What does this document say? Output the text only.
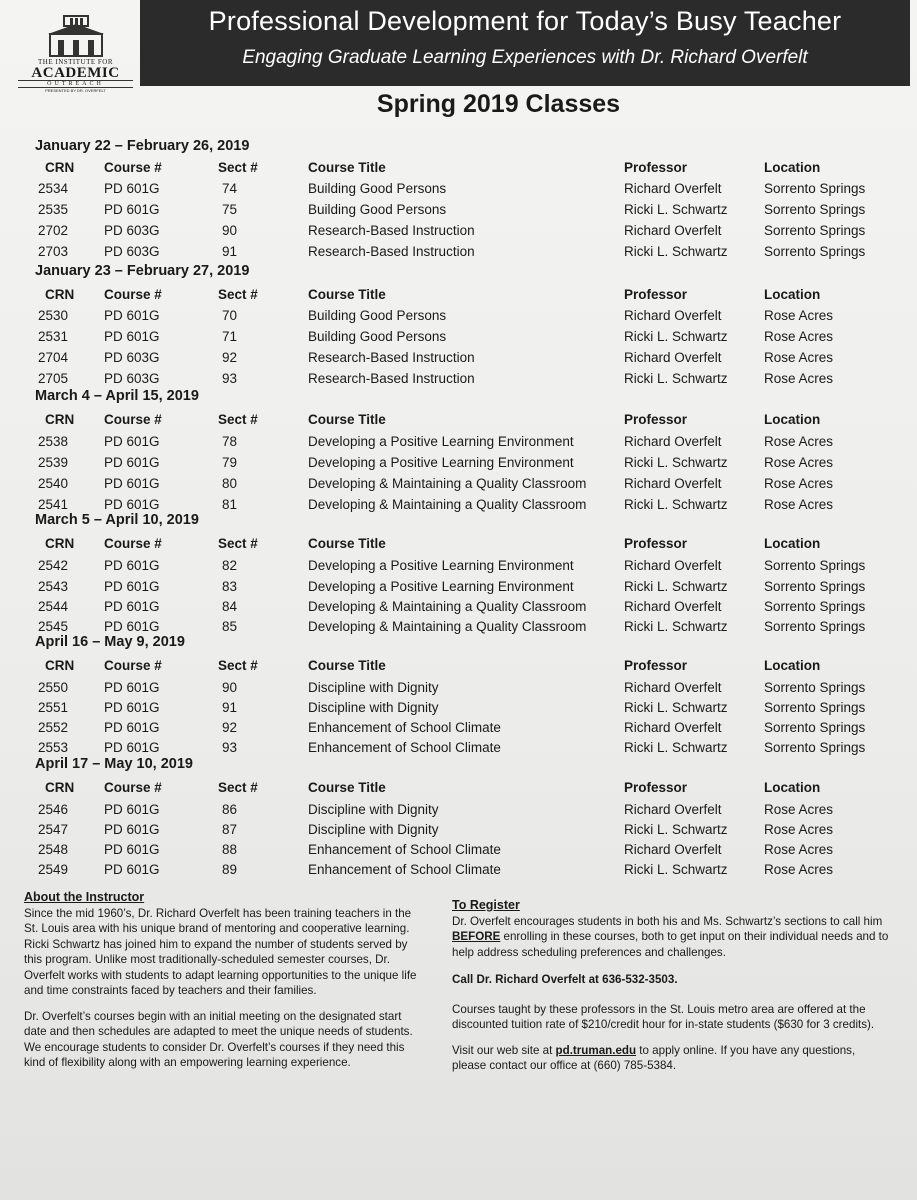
THE INSTITUTE FOR
ACADEMIC
OUTREACH
PRESENTED BY DR. OVERFELT
Professional Development for Today’s Busy Teacher
Engaging Graduate Learning Experiences with Dr. Richard Overfelt
Spring 2019 Classes
January 22 – February 26, 2019
CRN Course #	Sect #	Course Title	Professor	Location
2534	PD 601G	74	Building Good Persons	Richard Overfelt	Sorrento Springs
2535	PD 601G	75	Building Good Persons	Ricki L. Schwartz	Sorrento Springs
2702	PD 603G	90	Research-Based Instruction	Richard Overfelt	Sorrento Springs
2703	PD 603G	91	Research-Based Instruction	Ricki L. Schwartz	Sorrento Springs
January 23 – February 27, 2019
CRN Course #	Sect #	Course Title	Professor	Location
2530	PD 601G	70	Building Good Persons	Richard Overfelt	Rose Acres
2531	PD 601G	71	Building Good Persons	Ricki L. Schwartz	Rose Acres
2704	PD 603G	92	Research-Based Instruction	Richard Overfelt	Rose Acres
2705	PD 603G	93	Research-Based Instruction	Ricki L. Schwartz	Rose Acres
March 4 – April 15, 2019
CRN Course #	Sect #	Course Title	Professor	Location
2538	PD 601G	78	Developing a Positive Learning Environment	Richard Overfelt	Rose Acres
2539	PD 601G	79	Developing a Positive Learning Environment	Ricki L. Schwartz	Rose Acres
2540	PD 601G	80	Developing & Maintaining a Quality Classroom	Richard Overfelt	Rose Acres
2541	PD 601G	81	Developing & Maintaining a Quality Classroom	Ricki L. Schwartz	Rose Acres
March 5 – April 10, 2019
CRN Course #	Sect #	Course Title	Professor	Location
2542	PD 601G	82	Developing a Positive Learning Environment	Richard Overfelt	Sorrento Springs
2543	PD 601G	83	Developing a Positive Learning Environment	Ricki L. Schwartz	Sorrento Springs
2544	PD 601G	84	Developing & Maintaining a Quality Classroom	Richard Overfelt	Sorrento Springs
2545	PD 601G	85	Developing & Maintaining a Quality Classroom	Ricki L. Schwartz	Sorrento Springs
April 16 – May 9, 2019
CRN Course #	Sect #	Course Title	Professor	Location
2550	PD 601G	90	Discipline with Dignity	Richard Overfelt	Sorrento Springs
2551	PD 601G	91	Discipline with Dignity	Ricki L. Schwartz	Sorrento Springs
2552	PD 601G	92	Enhancement of School Climate	Richard Overfelt	Sorrento Springs
2553	PD 601G	93	Enhancement of School Climate	Ricki L. Schwartz	Sorrento Springs
April 17 – May 10, 2019
CRN Course #	Sect #	Course Title	Professor	Location
2546	PD 601G	86	Discipline with Dignity	Richard Overfelt	Rose Acres
2547	PD 601G	87	Discipline with Dignity	Ricki L. Schwartz	Rose Acres
2548	PD 601G	88	Enhancement of School Climate	Richard Overfelt	Rose Acres
2549	PD 601G	89	Enhancement of School Climate	Ricki L. Schwartz	Rose Acres
About the Instructor

Since the mid 1960’s, Dr. Richard Overfelt has been training teachers in the St. Louis area with his unique brand of mentoring and cooperative learning. Ricki Schwartz has joined him to expand the number of students served by this program. Unlike most traditionally-scheduled semester courses, Dr. Overfelt works with students to adapt learning opportunities to the unique life and time constraints faced by teachers and their families.

Dr. Overfelt’s courses begin with an initial meeting on the designated start date and then schedules are adapted to meet the unique needs of students. We encourage students to consider Dr. Overfelt’s courses if they need this kind of flexibility along with an empowering learning experience.

To Register

Dr. Overfelt encourages students in both his and Ms. Schwartz’s sections to call him BEFORE enrolling in these courses, both to get input on their individual needs and to help address scheduling preferences and challenges.

Call Dr. Richard Overfelt at 636-532-3503.

Courses taught by these professors in the St. Louis metro area are offered at the discounted tuition rate of $210/credit hour for in-state students ($630 for 3 credits).

Visit our web site at pd.truman.edu to apply online. If you have any questions, please contact our office at (660) 785-5384.
